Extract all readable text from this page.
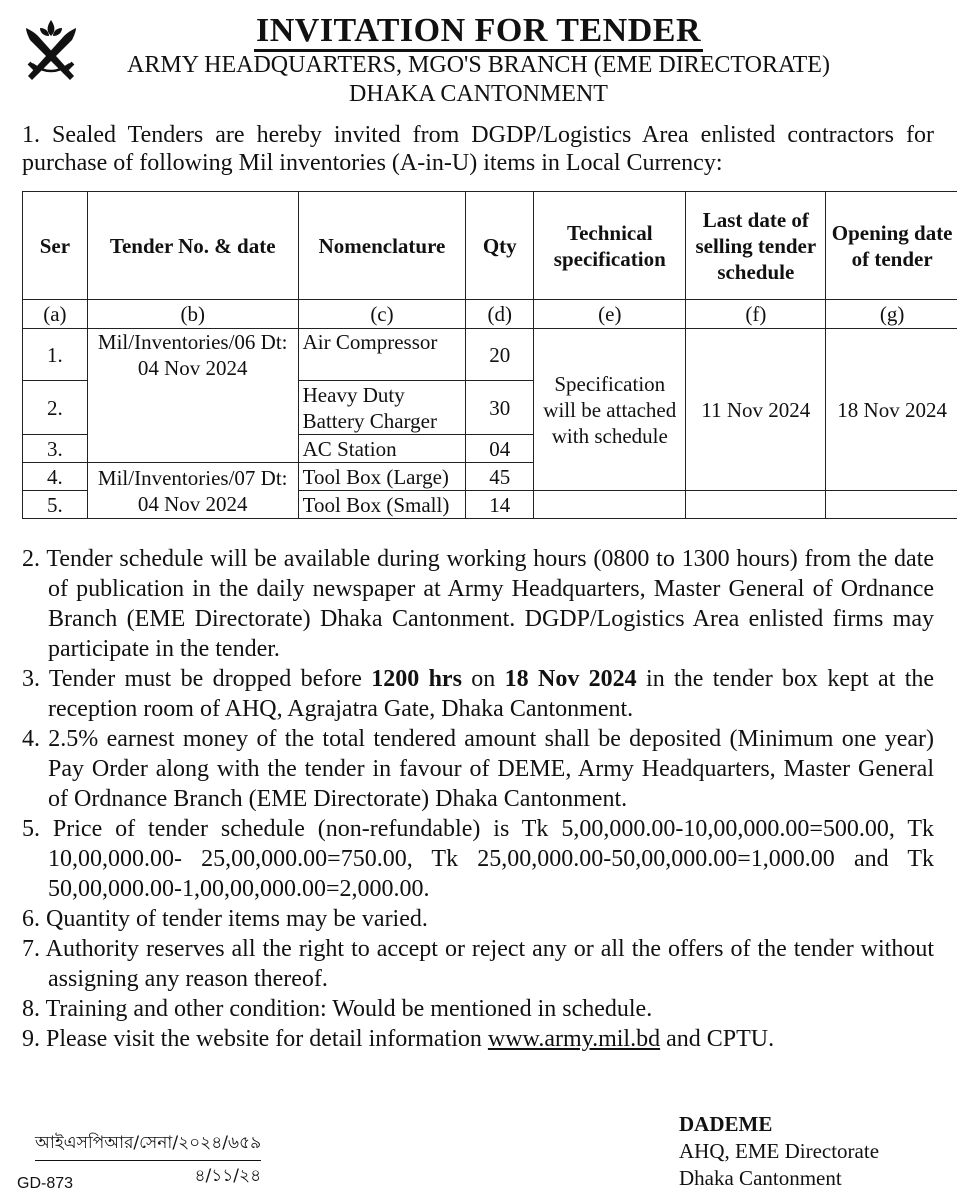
INVITATION FOR TENDER
ARMY HEADQUARTERS, MGO'S BRANCH (EME DIRECTORATE)
DHAKA CANTONMENT
1. Sealed Tenders are hereby invited from DGDP/Logistics Area enlisted contractors for purchase of following Mil inventories (A-in-U) items in Local Currency:
Ser	Tender No. & date	Nomenclature	Qty	Technical specification	Last date of selling tender schedule	Opening date of tender
(a)	(b)	(c)	(d)	(e)	(f)	(g)
1.	Mil/Inventories/06 Dt: 04 Nov 2024	Air Compressor	20	Specification will be attached with schedule	11 Nov 2024	18 Nov 2024
2.		Heavy Duty Battery Charger	30			
3.		AC Station	04			
4.	Mil/Inventories/07 Dt: 04 Nov 2024	Tool Box (Large)	45			
5.		Tool Box (Small)	14			
2. Tender schedule will be available during working hours (0800 to 1300 hours) from the date of publication in the daily newspaper at Army Headquarters, Master General of Ordnance Branch (EME Directorate) Dhaka Cantonment. DGDP/Logistics Area enlisted firms may participate in the tender.
3. Tender must be dropped before 1200 hrs on 18 Nov 2024 in the tender box kept at the reception room of AHQ, Agrajatra Gate, Dhaka Cantonment.
4. 2.5% earnest money of the total tendered amount shall be deposited (Minimum one year) Pay Order along with the tender in favour of DEME, Army Headquarters, Master General of Ordnance Branch (EME Directorate) Dhaka Cantonment.
5. Price of tender schedule (non-refundable) is Tk 5,00,000.00-10,00,000.00=500.00, Tk 10,00,000.00- 25,00,000.00=750.00, Tk 25,00,000.00-50,00,000.00=1,000.00 and Tk 50,00,000.00-1,00,00,000.00=2,000.00.
6. Quantity of tender items may be varied.
7. Authority reserves all the right to accept or reject any or all the offers of the tender without assigning any reason thereof.
8. Training and other condition: Would be mentioned in schedule.
9. Please visit the website for detail information www.army.mil.bd and CPTU.
DADEME
AHQ, EME Directorate
Dhaka Cantonment
আইএসপিআর/সেনা/২০২৪/৬৫৯
৪/১১/২৪
GD-873
